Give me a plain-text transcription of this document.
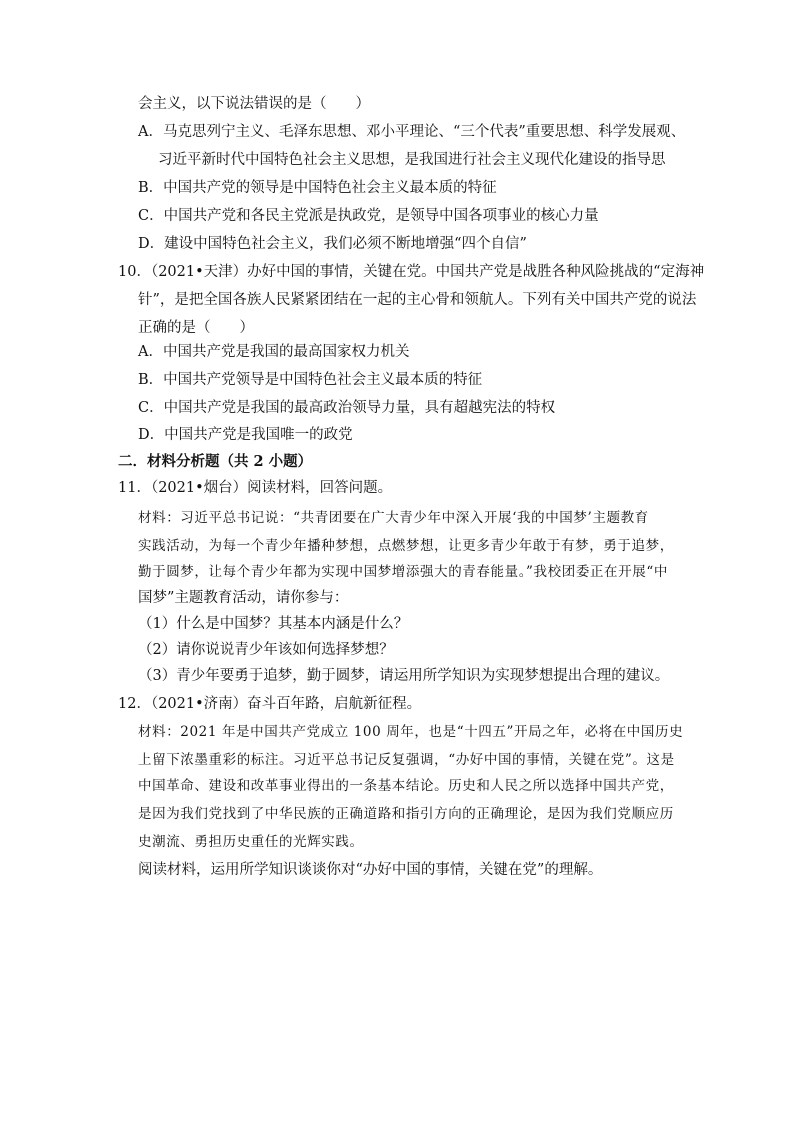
会主义，以下说法错误的是（　　）
A．马克思列宁主义、毛泽东思想、邓小平理论、“三个代表”重要思想、科学发展观、
习近平新时代中国特色社会主义思想，是我国进行社会主义现代化建设的指导思
B．中国共产党的领导是中国特色社会主义最本质的特征
C．中国共产党和各民主党派是执政党，是领导中国各项事业的核心力量
D．建设中国特色社会主义，我们必须不断地增强“四个自信”
10．（2021•天津）办好中国的事情，关键在党。中国共产党是战胜各种风险挑战的“定海神
针”，是把全国各族人民紧紧团结在一起的主心骨和领航人。下列有关中国共产党的说法
正确的是（　　）
A．中国共产党是我国的最高国家权力机关
B．中国共产党领导是中国特色社会主义最本质的特征
C．中国共产党是我国的最高政治领导力量，具有超越宪法的特权
D．中国共产党是我国唯一的政党
二．材料分析题（共 2 小题）
11．（2021•烟台）阅读材料，回答问题。
材料：习近平总书记说：“共青团要在广大青少年中深入开展‘我的中国梦’主题教育
实践活动，为每一个青少年播种梦想，点燃梦想，让更多青少年敢于有梦，勇于追梦，
勤于圆梦，让每个青少年都为实现中国梦增添强大的青春能量。”我校团委正在开展“中
国梦”主题教育活动，请你参与：
（1）什么是中国梦？其基本内涵是什么？
（2）请你说说青少年该如何选择梦想？
（3）青少年要勇于追梦，勤于圆梦，请运用所学知识为实现梦想提出合理的建议。
12．（2021•济南）奋斗百年路，启航新征程。
材料：2021 年是中国共产党成立 100 周年，也是“十四五”开局之年，必将在中国历史
上留下浓墨重彩的标注。习近平总书记反复强调，“办好中国的事情，关键在党”。这是
中国革命、建设和改革事业得出的一条基本结论。历史和人民之所以选择中国共产党，
是因为我们党找到了中华民族的正确道路和指引方向的正确理论，是因为我们党顺应历
史潮流、勇担历史重任的光辉实践。
阅读材料，运用所学知识谈谈你对“办好中国的事情，关键在党”的理解。
